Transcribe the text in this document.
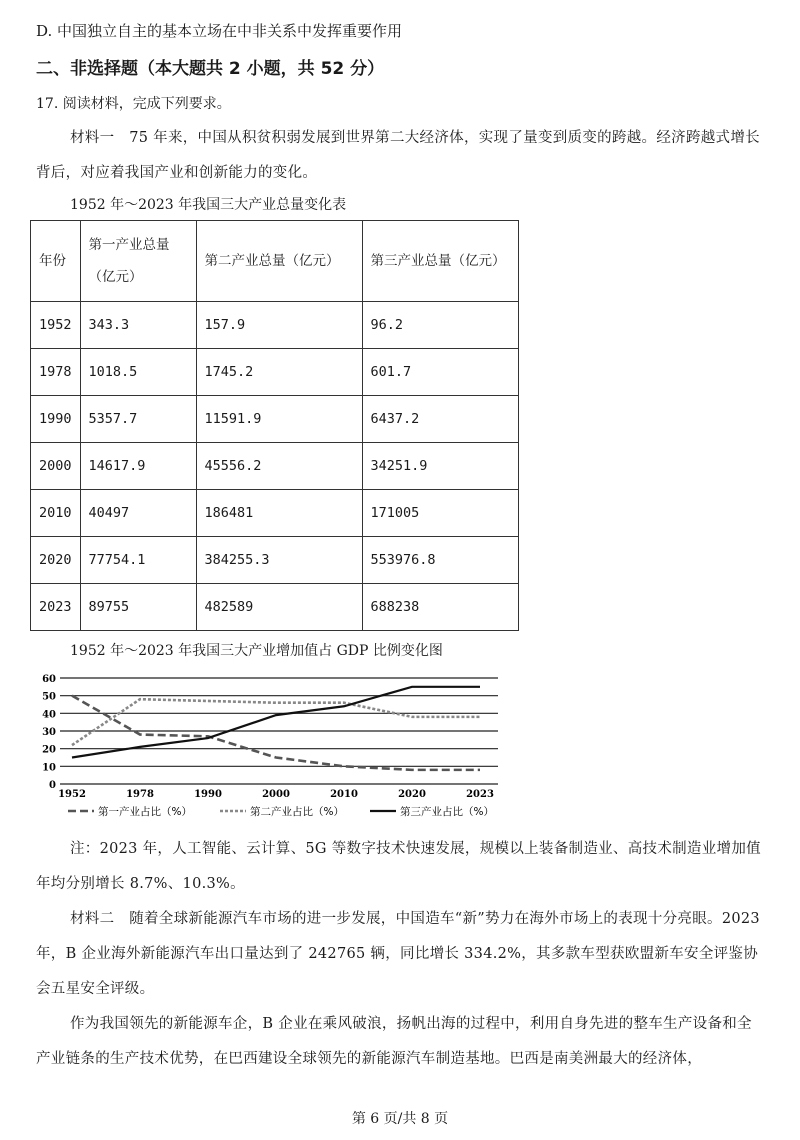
D. 中国独立自主的基本立场在中非关系中发挥重要作用
二、非选择题（本大题共 2 小题，共 52 分）
17. 阅读材料，完成下列要求。
材料一　75 年来，中国从积贫积弱发展到世界第二大经济体，实现了量变到质变的跨越。经济跨越式增长背后，对应着我国产业和创新能力的变化。
1952 年～2023 年我国三大产业总量变化表
年份	第一产业总量（亿元）	第二产业总量（亿元）	第三产业总量（亿元）
1952	343.3	157.9	96.2
1978	1018.5	1745.2	601.7
1990	5357.7	11591.9	6437.2
2000	14617.9	45556.2	34251.9
2010	40497	186481	171005
2020	77754.1	384255.3	553976.8
2023	89755	482589	688238
1952 年～2023 年我国三大产业增加值占 GDP 比例变化图
0
10
20
30
40
50
60
1952	1978	1990	2000	2010	2020	2023
第一产业占比（%）	第二产业占比（%）	第三产业占比（%）
注：2023 年，人工智能、云计算、5G 等数字技术快速发展，规模以上装备制造业、高技术制造业增加值年均分别增长 8.7%、10.3%。
材料二　随着全球新能源汽车市场的进一步发展，中国造车“新”势力在海外市场上的表现十分亮眼。2023 年，B 企业海外新能源汽车出口量达到了 242765 辆，同比增长 334.2%，其多款车型获欧盟新车安全评鉴协会五星安全评级。
作为我国领先的新能源车企，B 企业在乘风破浪，扬帆出海的过程中，利用自身先进的整车生产设备和全产业链条的生产技术优势，在巴西建设全球领先的新能源汽车制造基地。巴西是南美洲最大的经济体，
第 6 页/共 8 页
